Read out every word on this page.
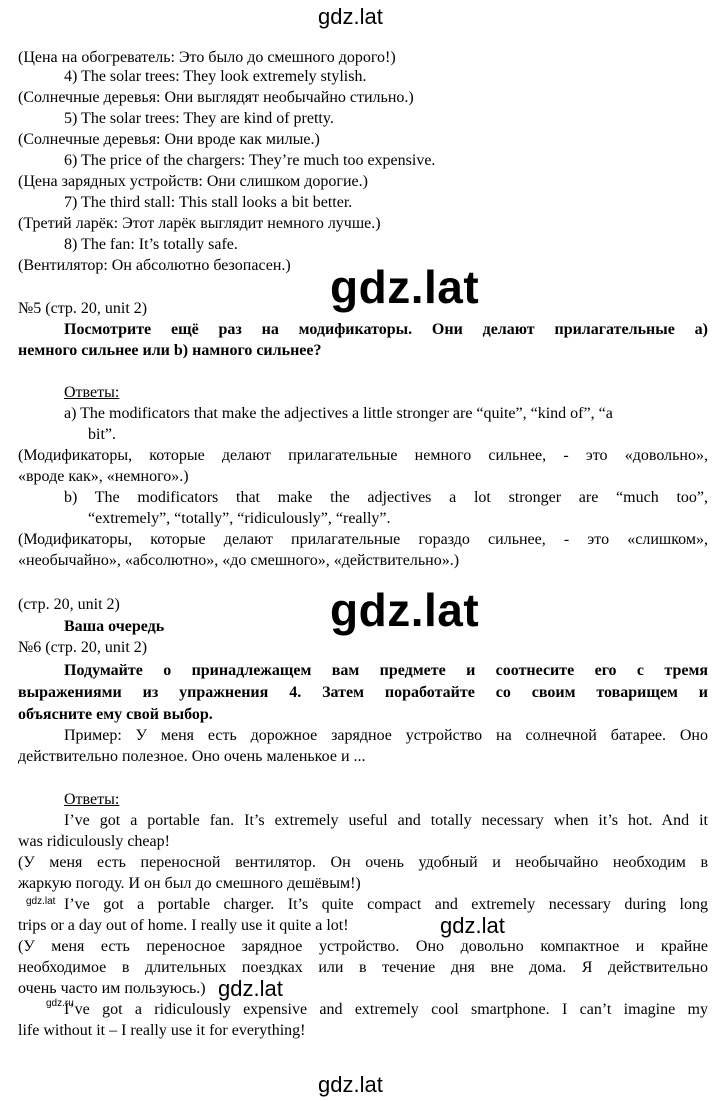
gdz.lat
(Цена на обогреватель: Это было до смешного дорого!)
4) The solar trees: They look extremely stylish.
(Солнечные деревья: Они выглядят необычайно стильно.)
5) The solar trees: They are kind of pretty.
(Солнечные деревья: Они вроде как милые.)
6) The price of the chargers: They’re much too expensive.
(Цена зарядных устройств: Они слишком дорогие.)
7) The third stall: This stall looks a bit better.
(Третий ларёк: Этот ларёк выглядит немного лучше.)
8) The fan: It’s totally safe.
(Вентилятор: Он абсолютно безопасен.) gdz.lat
№5 (стр. 20, unit 2)
Посмотрите ещё раз на модификаторы. Они делают прилагательные a)
немного сильнее или b) намного сильнее?
Ответы:
a) The modificators that make the adjectives a little stronger are “quite”, “kind of”, “a
bit”.
(Модификаторы, которые делают прилагательные немного сильнее, - это «довольно»,
«вроде как», «немного».)
b) The modificators that make the adjectives a lot stronger are “much too”,
“extremely”, “totally”, “ridiculously”, “really”.
(Модификаторы, которые делают прилагательные гораздо сильнее, - это «слишком»,
«необычайно», «абсолютно», «до смешного», «действительно».)
(стр. 20, unit 2)
Ваша очередь	gdz.lat
№6 (стр. 20, unit 2)
Подумайте о принадлежащем вам предмете и соотнесите его с тремя
выражениями из упражнения 4. Затем поработайте со своим товарищем и
объясните ему свой выбор.
Пример: У меня есть дорожное зарядное устройство на солнечной батарее. Оно
действительно полезное. Оно очень маленькое и ...
Ответы:
I’ve got a portable fan. It’s extremely useful and totally necessary when it’s hot. And it
was ridiculously cheap!
(У меня есть переносной вентилятор. Он очень удобный и необычайно необходим в
жаркую погоду. И он был до смешного дешёвым!)
I’ve got a portable charger. It’s quite compact and extremely necessary during long
trips or a day out of home. I really use it quite a lot!
gdz.lat
gdz.lat
(У меня есть переносное зарядное устройство. Оно довольно компактное и крайне
необходимое в длительных поездках или в течение дня вне дома. Я действительно
очень часто им пользуюсь.) gdz.lat
gdz.ru
I’ve got a ridiculously expensive and extremely cool smartphone. I can’t imagine my
life without it – I really use it for everything!
gdz.lat
